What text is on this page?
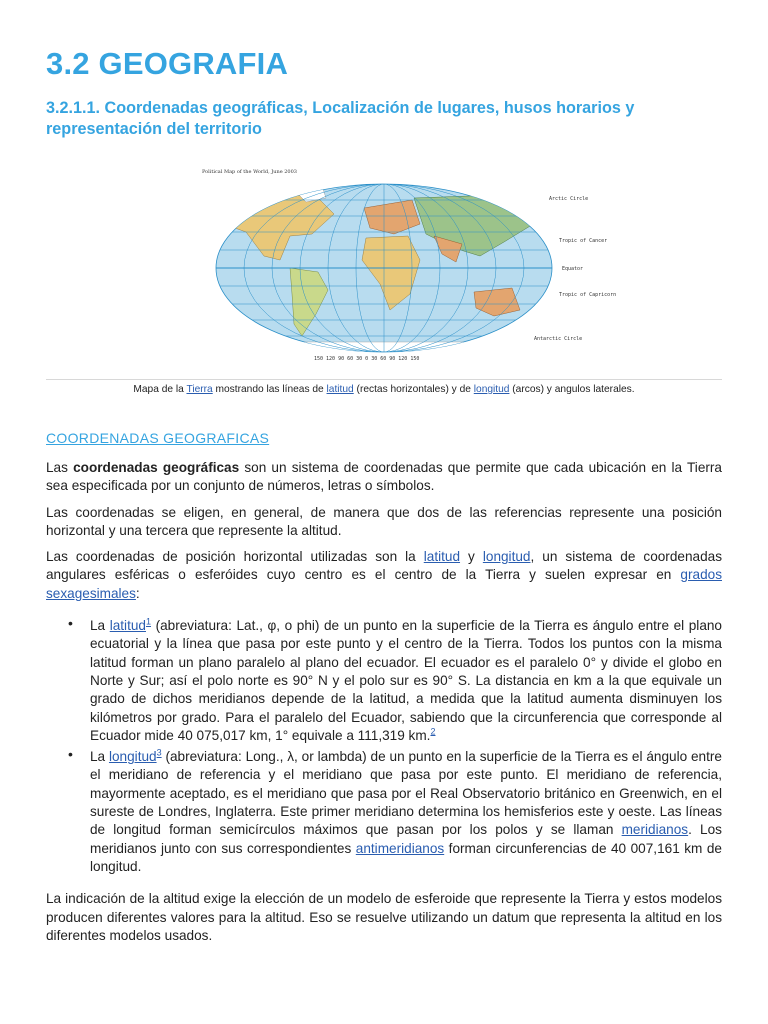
3.2 GEOGRAFIA
3.2.1.1. Coordenadas geográficas, Localización de lugares, husos horarios y representación del territorio
Political Map of the World, June 2003
Arctic Circle
Tropic of Cancer
Equator
Tropic of Capricorn
Antarctic Circle
150 120 90 60 30 0 30 60 90 120 150
Mapa de la Tierra mostrando las líneas de latitud (rectas horizontales) y de longitud (arcos) y angulos laterales.
COORDENADAS GEOGRAFICAS

Las coordenadas geográficas son un sistema de coordenadas que permite que cada ubicación en la Tierra sea especificada por un conjunto de números, letras o símbolos.

Las coordenadas se eligen, en general, de manera que dos de las referencias represente una posición horizontal y una tercera que represente la altitud.

Las coordenadas de posición horizontal utilizadas son la latitud y longitud, un sistema de coordenadas angulares esféricas o esferóides cuyo centro es el centro de la Tierra y suelen expresar en grados sexagesimales:

• La latitud$^1$ (abreviatura: Lat., φ, o phi) de un punto en la superficie de la Tierra es ángulo entre el plano ecuatorial y la línea que pasa por este punto y el centro de la Tierra. Todos los puntos con la misma latitud forman un plano paralelo al plano del ecuador. El ecuador es el paralelo 0° y divide el globo en Norte y Sur; así el polo norte es 90° N y el polo sur es 90° S. La distancia en km a la que equivale un grado de dichos meridianos depende de la latitud, a medida que la latitud aumenta disminuyen los kilómetros por grado. Para el paralelo del Ecuador, sabiendo que la circunferencia que corresponde al Ecuador mide 40 075,017 km, 1° equivale a 111,319 km.$^2$
• La longitud$^3$ (abreviatura: Long., λ, or lambda) de un punto en la superficie de la Tierra es el ángulo entre el meridiano de referencia y el meridiano que pasa por este punto. El meridiano de referencia, mayormente aceptado, es el meridiano que pasa por el Real Observatorio británico en Greenwich, en el sureste de Londres, Inglaterra. Este primer meridiano determina los hemisferios este y oeste. Las líneas de longitud forman semicírculos máximos que pasan por los polos y se llaman meridianos. Los meridianos junto con sus correspondientes antimeridianos forman circunferencias de 40 007,161 km de longitud.

La indicación de la altitud exige la elección de un modelo de esferoide que represente la Tierra y estos modelos producen diferentes valores para la altitud. Eso se resuelve utilizando un datum que representa la altitud en los diferentes modelos usados.
